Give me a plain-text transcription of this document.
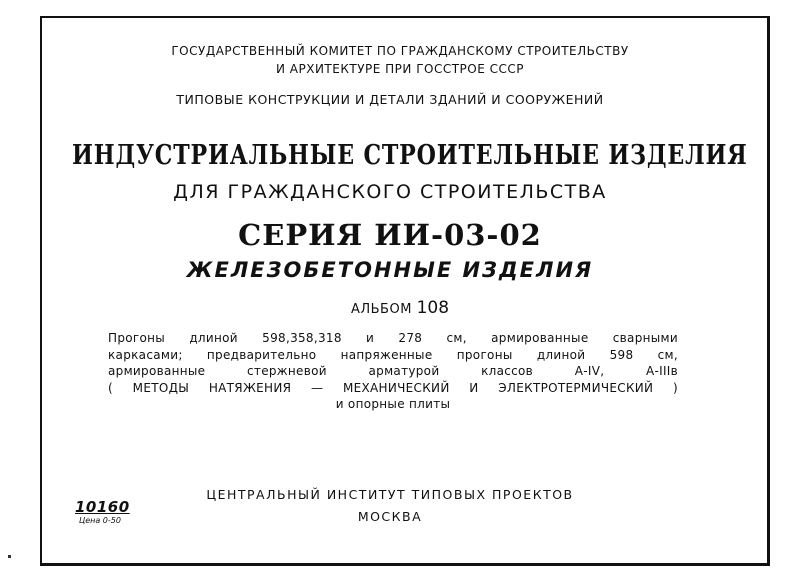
ГОСУДАРСТВЕННЫЙ КОМИТЕТ ПО ГРАЖДАНСКОМУ СТРОИТЕЛЬСТВУ
И АРХИТЕКТУРЕ ПРИ ГОССТРОЕ СССР
ТИПОВЫЕ КОНСТРУКЦИИ И ДЕТАЛИ ЗДАНИЙ И СООРУЖЕНИЙ
ИНДУСТРИАЛЬНЫЕ СТРОИТЕЛЬНЫЕ ИЗДЕЛИЯ
ДЛЯ ГРАЖДАНСКОГО СТРОИТЕЛЬСТВА
СЕРИЯ ИИ-03-02
ЖЕЛЕЗОБЕТОННЫЕ ИЗДЕЛИЯ
АЛЬБОМ 108
Прогоны длиной 598,358,318 и 278 см, армированные сварными
каркасами; предварительно напряженные прогоны длиной 598 см,
армированные стержневой арматурой классов А-IV, А-IIIв
( МЕТОДЫ НАТЯЖЕНИЯ — МЕХАНИЧЕСКИЙ И ЭЛЕКТРОТЕРМИЧЕСКИЙ )
и опорные плиты
ЦЕНТРАЛЬНЫЙ ИНСТИТУТ ТИПОВЫХ ПРОЕКТОВ
МОСКВА
10160
Цена 0-50
